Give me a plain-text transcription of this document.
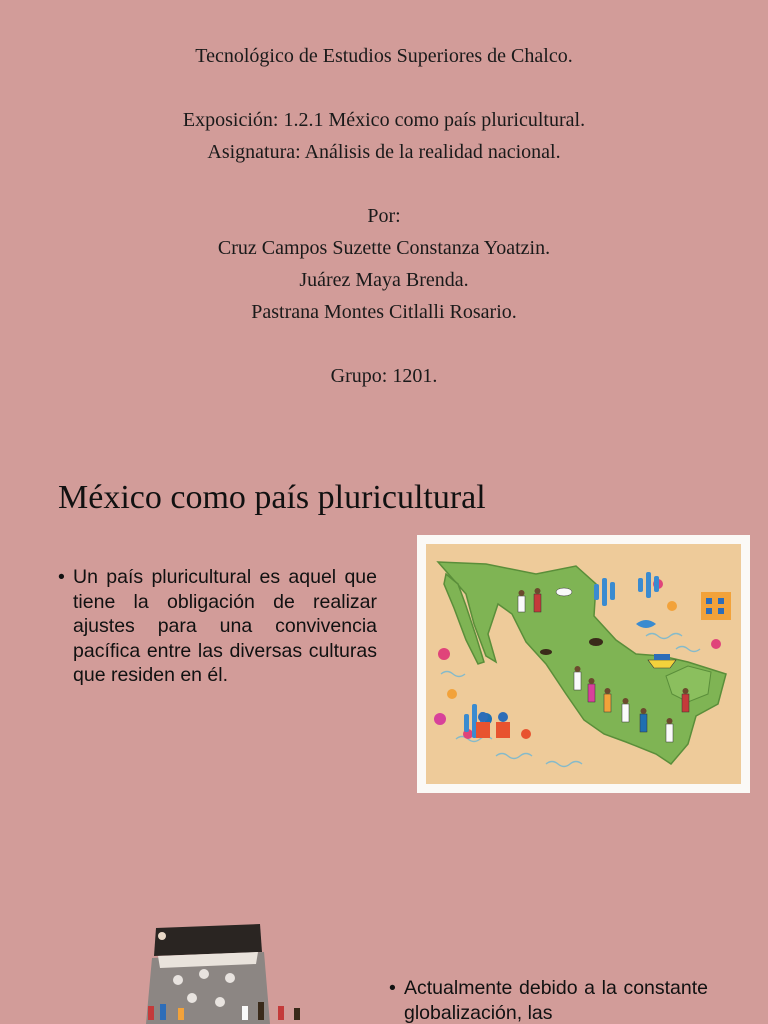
Tecnológico de Estudios Superiores de Chalco.
Exposición: 1.2.1 México como país pluricultural.
Asignatura: Análisis de la realidad nacional.
Por:
Cruz Campos Suzette Constanza Yoatzin.
Juárez Maya Brenda.
Pastrana Montes Citlalli Rosario.
Grupo: 1201.
México como país pluricultural
• Un país pluricultural es aquel que tiene la obligación de realizar ajustes para una convivencia pacífica entre las diversas culturas que residen en él.
• Actualmente debido a la constante globalización, las
